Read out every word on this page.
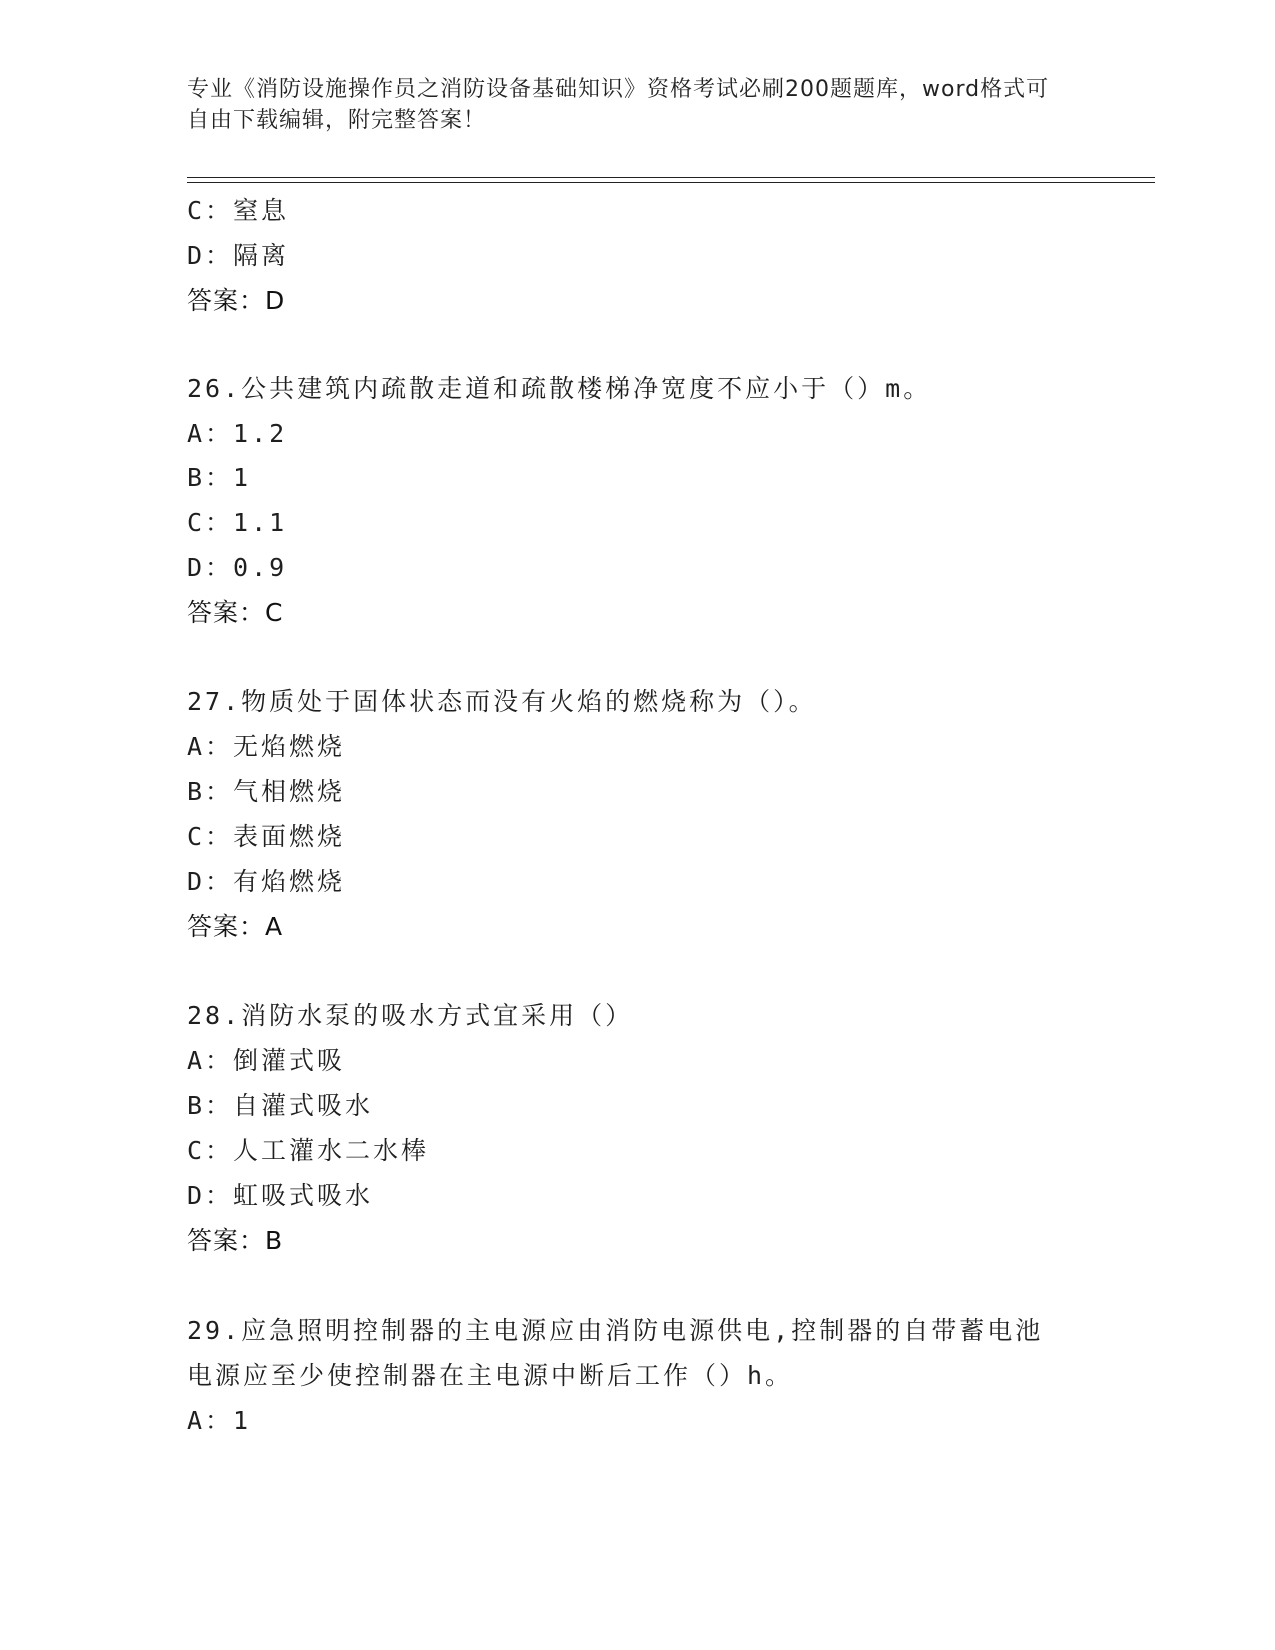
专业《消防设施操作员之消防设备基础知识》资格考试必刷200题题库，word格式可自由下载编辑，附完整答案！
C：窒息
D：隔离
答案：D
26.公共建筑内疏散走道和疏散楼梯净宽度不应小于（）m。
A：1.2
B：1
C：1.1
D：0.9
答案：C
27.物质处于固体状态而没有火焰的燃烧称为（）。
A：无焰燃烧
B：气相燃烧
C：表面燃烧
D：有焰燃烧
答案：A
28.消防水泵的吸水方式宜采用（）
A：倒灌式吸
B：自灌式吸水
C：人工灌水二水棒
D：虹吸式吸水
答案：B
29.应急照明控制器的主电源应由消防电源供电,控制器的自带蓄电池
电源应至少使控制器在主电源中断后工作（）h。
A：1
